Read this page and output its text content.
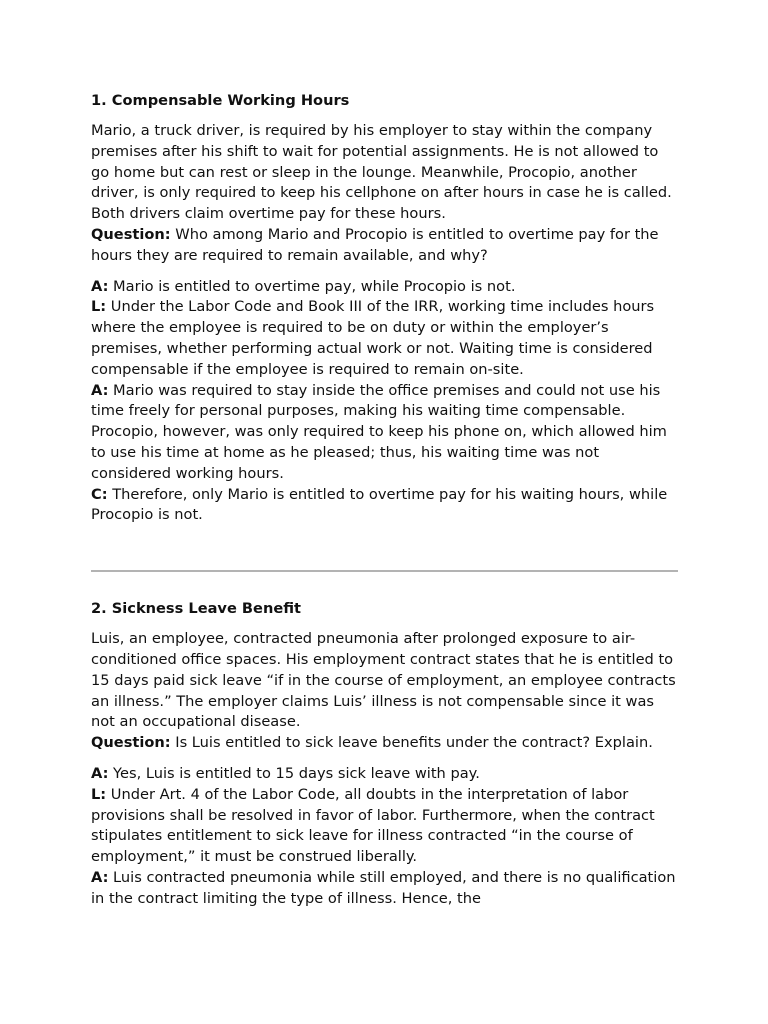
1. Compensable Working Hours

Mario, a truck driver, is required by his employer to stay within the company premises after his shift to wait for potential assignments. He is not allowed to go home but can rest or sleep in the lounge. Meanwhile, Procopio, another driver, is only required to keep his cellphone on after hours in case he is called. Both drivers claim overtime pay for these hours.
Question: Who among Mario and Procopio is entitled to overtime pay for the hours they are required to remain available, and why?

A: Mario is entitled to overtime pay, while Procopio is not.
L: Under the Labor Code and Book III of the IRR, working time includes hours where the employee is required to be on duty or within the employer’s premises, whether performing actual work or not. Waiting time is considered compensable if the employee is required to remain on-site.
A: Mario was required to stay inside the office premises and could not use his time freely for personal purposes, making his waiting time compensable. Procopio, however, was only required to keep his phone on, which allowed him to use his time at home as he pleased; thus, his waiting time was not considered working hours.
C: Therefore, only Mario is entitled to overtime pay for his waiting hours, while Procopio is not.

2. Sickness Leave Benefit

Luis, an employee, contracted pneumonia after prolonged exposure to air-conditioned office spaces. His employment contract states that he is entitled to 15 days paid sick leave “if in the course of employment, an employee contracts an illness.” The employer claims Luis’ illness is not compensable since it was not an occupational disease.
Question: Is Luis entitled to sick leave benefits under the contract? Explain.

A: Yes, Luis is entitled to 15 days sick leave with pay.
L: Under Art. 4 of the Labor Code, all doubts in the interpretation of labor provisions shall be resolved in favor of labor. Furthermore, when the contract stipulates entitlement to sick leave for illness contracted “in the course of employment,” it must be construed liberally.
A: Luis contracted pneumonia while still employed, and there is no qualification in the contract limiting the type of illness. Hence, the
